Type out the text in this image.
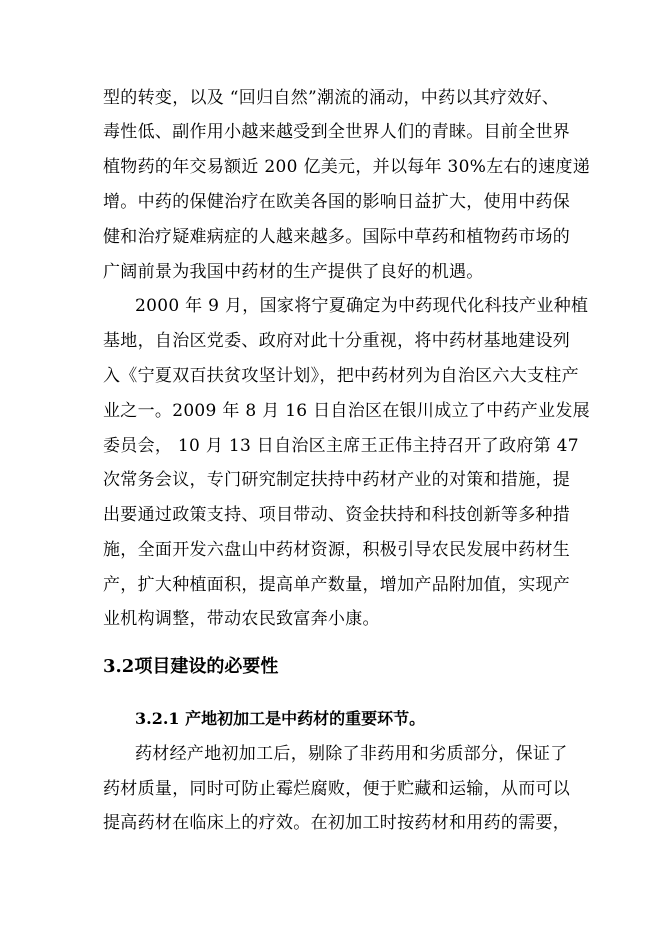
型的转变，以及 “回归自然”潮流的涌动，中药以其疗效好、
毒性低、副作用小越来越受到全世界人们的青睐。目前全世界
植物药的年交易额近 200 亿美元，并以每年 30%左右的速度递
增。中药的保健治疗在欧美各国的影响日益扩大，使用中药保
健和治疗疑难病症的人越来越多。国际中草药和植物药市场的
广阔前景为我国中药材的生产提供了良好的机遇。
2000 年 9 月，国家将宁夏确定为中药现代化科技产业种植
基地，自治区党委、政府对此十分重视，将中药材基地建设列
入《宁夏双百扶贫攻坚计划》，把中药材列为自治区六大支柱产
业之一。2009 年 8 月 16 日自治区在银川成立了中药产业发展
委员会， 10 月 13 日自治区主席王正伟主持召开了政府第 47
次常务会议，专门研究制定扶持中药材产业的对策和措施，提
出要通过政策支持、项目带动、资金扶持和科技创新等多种措
施，全面开发六盘山中药材资源，积极引导农民发展中药材生
产，扩大种植面积，提高单产数量，增加产品附加值，实现产
业机构调整，带动农民致富奔小康。
3.2项目建设的必要性
3.2.1 产地初加工是中药材的重要环节。
药材经产地初加工后，剔除了非药用和劣质部分，保证了
药材质量，同时可防止霉烂腐败，便于贮藏和运输，从而可以
提高药材在临床上的疗效。在初加工时按药材和用药的需要，
